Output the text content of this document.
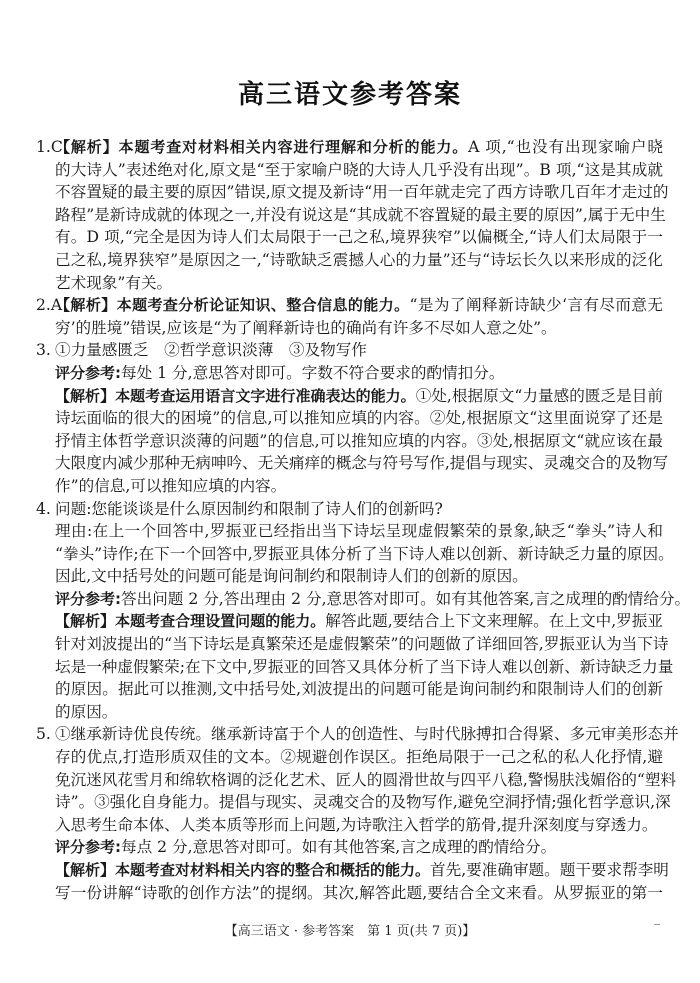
高三语文参考答案
1.C
【解析】本题考查对材料相关内容进行理解和分析的能力。A 项,“也没有出现家喻户晓
的大诗人”表述绝对化,原文是“至于家喻户晓的大诗人几乎没有出现”。B 项,“这是其成就
不容置疑的最主要的原因”错误,原文提及新诗“用一百年就走完了西方诗歌几百年才走过的
路程”是新诗成就的体现之一,并没有说这是“其成就不容置疑的最主要的原因”,属于无中生
有。D 项,“完全是因为诗人们太局限于一己之私,境界狭窄”以偏概全,“诗人们太局限于一
己之私,境界狭窄”是原因之一,“诗歌缺乏震撼人心的力量”还与“诗坛长久以来形成的泛化
艺术现象”有关。
2.A
【解析】本题考查分析论证知识、整合信息的能力。“是为了阐释新诗缺少‘言有尽而意无
穷’的胜境”错误,应该是“为了阐释新诗也的确尚有许多不尽如人意之处”。
3. ①力量感匮乏　②哲学意识淡薄　③及物写作
评分参考:每处 1 分,意思答对即可。字数不符合要求的酌情扣分。
【解析】本题考查运用语言文字进行准确表达的能力。①处,根据原文“力量感的匮乏是目前
诗坛面临的很大的困境”的信息,可以推知应填的内容。②处,根据原文“这里面说穿了还是
抒情主体哲学意识淡薄的问题”的信息,可以推知应填的内容。③处,根据原文“就应该在最
大限度内减少那种无病呻吟、无关痛痒的概念与符号写作,提倡与现实、灵魂交合的及物写
作”的信息,可以推知应填的内容。
4. 问题:您能谈谈是什么原因制约和限制了诗人们的创新吗?
理由:在上一个回答中,罗振亚已经指出当下诗坛呈现虚假繁荣的景象,缺乏“拳头”诗人和
“拳头”诗作;在下一个回答中,罗振亚具体分析了当下诗人难以创新、新诗缺乏力量的原因。
因此,文中括号处的问题可能是询问制约和限制诗人们的创新的原因。
评分参考:答出问题 2 分,答出理由 2 分,意思答对即可。如有其他答案,言之成理的酌情给分。
【解析】本题考查合理设置问题的能力。解答此题,要结合上下文来理解。在上文中,罗振亚
针对刘波提出的“当下诗坛是真繁荣还是虚假繁荣”的问题做了详细回答,罗振亚认为当下诗
坛是一种虚假繁荣;在下文中,罗振亚的回答又具体分析了当下诗人难以创新、新诗缺乏力量
的原因。据此可以推测,文中括号处,刘波提出的问题可能是询问制约和限制诗人们的创新
的原因。
5. ①继承新诗优良传统。继承新诗富于个人的创造性、与时代脉搏扣合得紧、多元审美形态并
存的优点,打造形质双佳的文本。②规避创作误区。拒绝局限于一己之私的私人化抒情,避
免沉迷风花雪月和绵软格调的泛化艺术、匠人的圆滑世故与四平八稳,警惕肤浅媚俗的“塑料
诗”。③强化自身能力。提倡与现实、灵魂交合的及物写作,避免空洞抒情;强化哲学意识,深
入思考生命本体、人类本质等形而上问题,为诗歌注入哲学的筋骨,提升深刻度与穿透力。
评分参考:每点 2 分,意思答对即可。如有其他答案,言之成理的酌情给分。
【解析】本题考查对材料相关内容的整合和概括的能力。首先,要准确审题。题干要求帮李明
写一份讲解“诗歌的创作方法”的提纲。其次,解答此题,要结合全文来看。从罗振亚的第一
【高三语文 · 参考答案　第 1 页(共 7 页)】
